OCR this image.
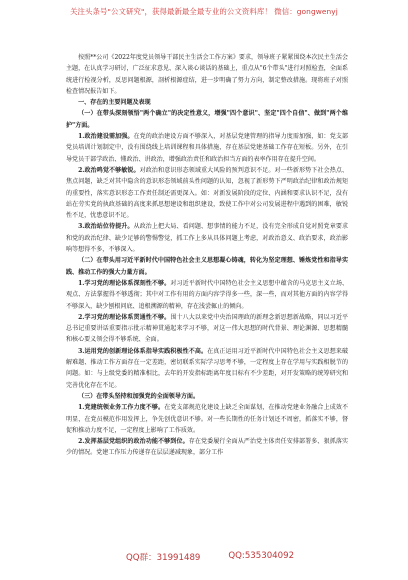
关注头条号"公文研究"，获得最新最全最专业的公文资料库！ 微信：gongwenyj

按照**公司《2022年度党员领导干部民主生活会工作方案》要求，领导班子紧紧围绕本次民主生活会主题，在认真学习研讨，广泛征求意见、深入谈心谈话的基础上，重点从"6个带头"进行对照检查，全面系统进行检视分析，反思问题根源，剖析根源症结，进一步明确了努力方向，制定整改措施。现将班子对照检查情况报告如下。

一、存在的主要问题及表现

（一）在带头深刻领悟"两个确立"的决定性意义，增强"四个意识"、坚定"四个自信"、做到"两个维护"方面。

1.政治建设需加强。在党的政治建设方面不够深入，对基层党建管理的指导力度需加强，如：党支部党员培训计划制定中，没有围绕线上培训课程和具体措施，存在基层党建基础工作存在短板。另外，在引导党员干部学政治、懂政治、讲政治，增强政治责任和政治担当方面的表率作用存在提升空间。

2.政治鸣觉不够敏锐。对政治和意识形态领域重大风险的预判意识不足。对一些新形势下社会热点、焦点问题，缺乏对其中隐含的意识形态领域前头性问题的认知，忽视了新形势下严明政治纪律和政治规矩的重要性，落实意识形态工作责任制还需更深入。如：对新发展阶段的定位、内涵和要求认识不足，没有站在劳实党的执政基础的高度来抓思想建设和组织建设，致使工作中对公司发展进程中遇到的困难，敏锐性不足，忧患意识不足。

3.政治站位待提升。从政治上把大局、看问题、想事情的能力不足，没有完全形成自觉对照党章要求和党的政治纪律、缺少足够的警惕警觉，抓工作上多从具体问题上考虑，对政治意义、政治要求，政治影响等想得不多，不够深入。

（二）在带头用习近平新时代中国特色社会主义思想凝心铸魂，转化为坚定理想、锤炼党性和指导实践、推动工作的强大力量方面。

1.学习党的理论体系深刻性不够。对习近平新时代中国特色社会主义思想中蕴含的马克思主义立场、观点、方法掌握得不够透彻；其中对工作有用的方面内容学得多一些，深一些，而对其他方面的内容学得不够深入，缺少刨根问底、追根溯源的精神，存在浅尝辄止的倾向。

2.学习党的理论体系贯通性不够。围十八大以来党中央治国理政的新理念新思想新战略，同以习近平总书记重要讲话重要指示批示精神贯通起来学习不够，对这一伟大思想的时代背景、理论渊源、思想精髓和核心要义领会得不够系统、全面。

3.运用党的创新理论体系指导实践积极性不高。在真正运用习近平新时代中国特色社会主义思想来破解难题、推动工作方面存在一定差距，密切联系实际学习思考不够，一定程度上存在学用与实践相脱节的问题。如：与上级党委的精准相比，去年的开发指标距离年度目标有不少差距，对开发策略的统筹研究和完善优化存在不足。

（三）在带头坚持和加强党的全面领导方面。

1.党建统领业务工作力度不够。在党支部规范化建设上缺乏全面谋划，在推动党建业务融合上成效不明显，在党员模范作用发挥上，争先创优意识不够。对一些长期性的任务计划还不周密，抓落实不够，督促和推动力度不足，一定程度上影响了工作质效。

2.发挥基层党组织的政治功能不够到位。存在党委履行全面从严治党主体责任安排部署多、狠抓落实少的情况。党建工作压力传递存在层层递减现象，部分工作

QQ群：31991489	QQ:535304092
